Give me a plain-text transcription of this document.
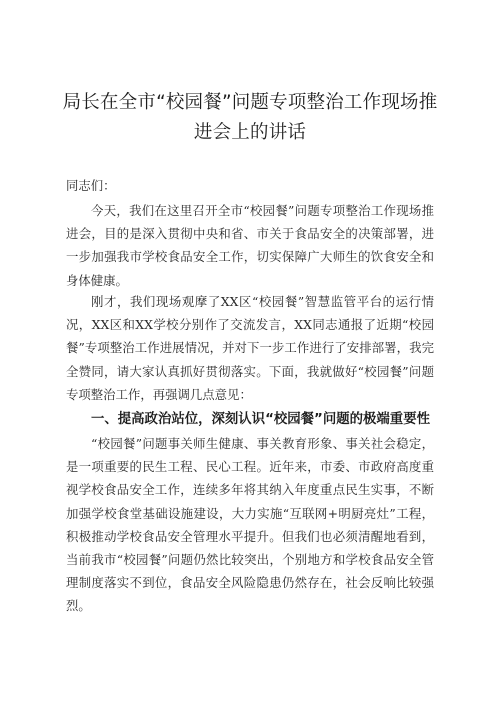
局长在全市“校园餐”问题专项整治工作现场推
进会上的讲话
同志们：

今天，我们在这里召开全市“校园餐”问题专项整治工作现场推进会，目的是深入贯彻中央和省、市关于食品安全的决策部署，进一步加强我市学校食品安全工作，切实保障广大师生的饮食安全和身体健康。

刚才，我们现场观摩了XX区“校园餐”智慧监管平台的运行情况，XX区和XX学校分别作了交流发言，XX同志通报了近期“校园餐”专项整治工作进展情况，并对下一步工作进行了安排部署，我完全赞同，请大家认真抓好贯彻落实。下面，我就做好“校园餐”问题专项整治工作，再强调几点意见：

一、提高政治站位，深刻认识“校园餐”问题的极端重要性

“校园餐”问题事关师生健康、事关教育形象、事关社会稳定，是一项重要的民生工程、民心工程。近年来，市委、市政府高度重视学校食品安全工作，连续多年将其纳入年度重点民生实事，不断加强学校食堂基础设施建设，大力实施“互联网+明厨亮灶”工程，积极推动学校食品安全管理水平提升。但我们也必须清醒地看到，当前我市“校园餐”问题仍然比较突出，个别地方和学校食品安全管理制度落实不到位，食品安全风险隐患仍然存在，社会反响比较强烈。
